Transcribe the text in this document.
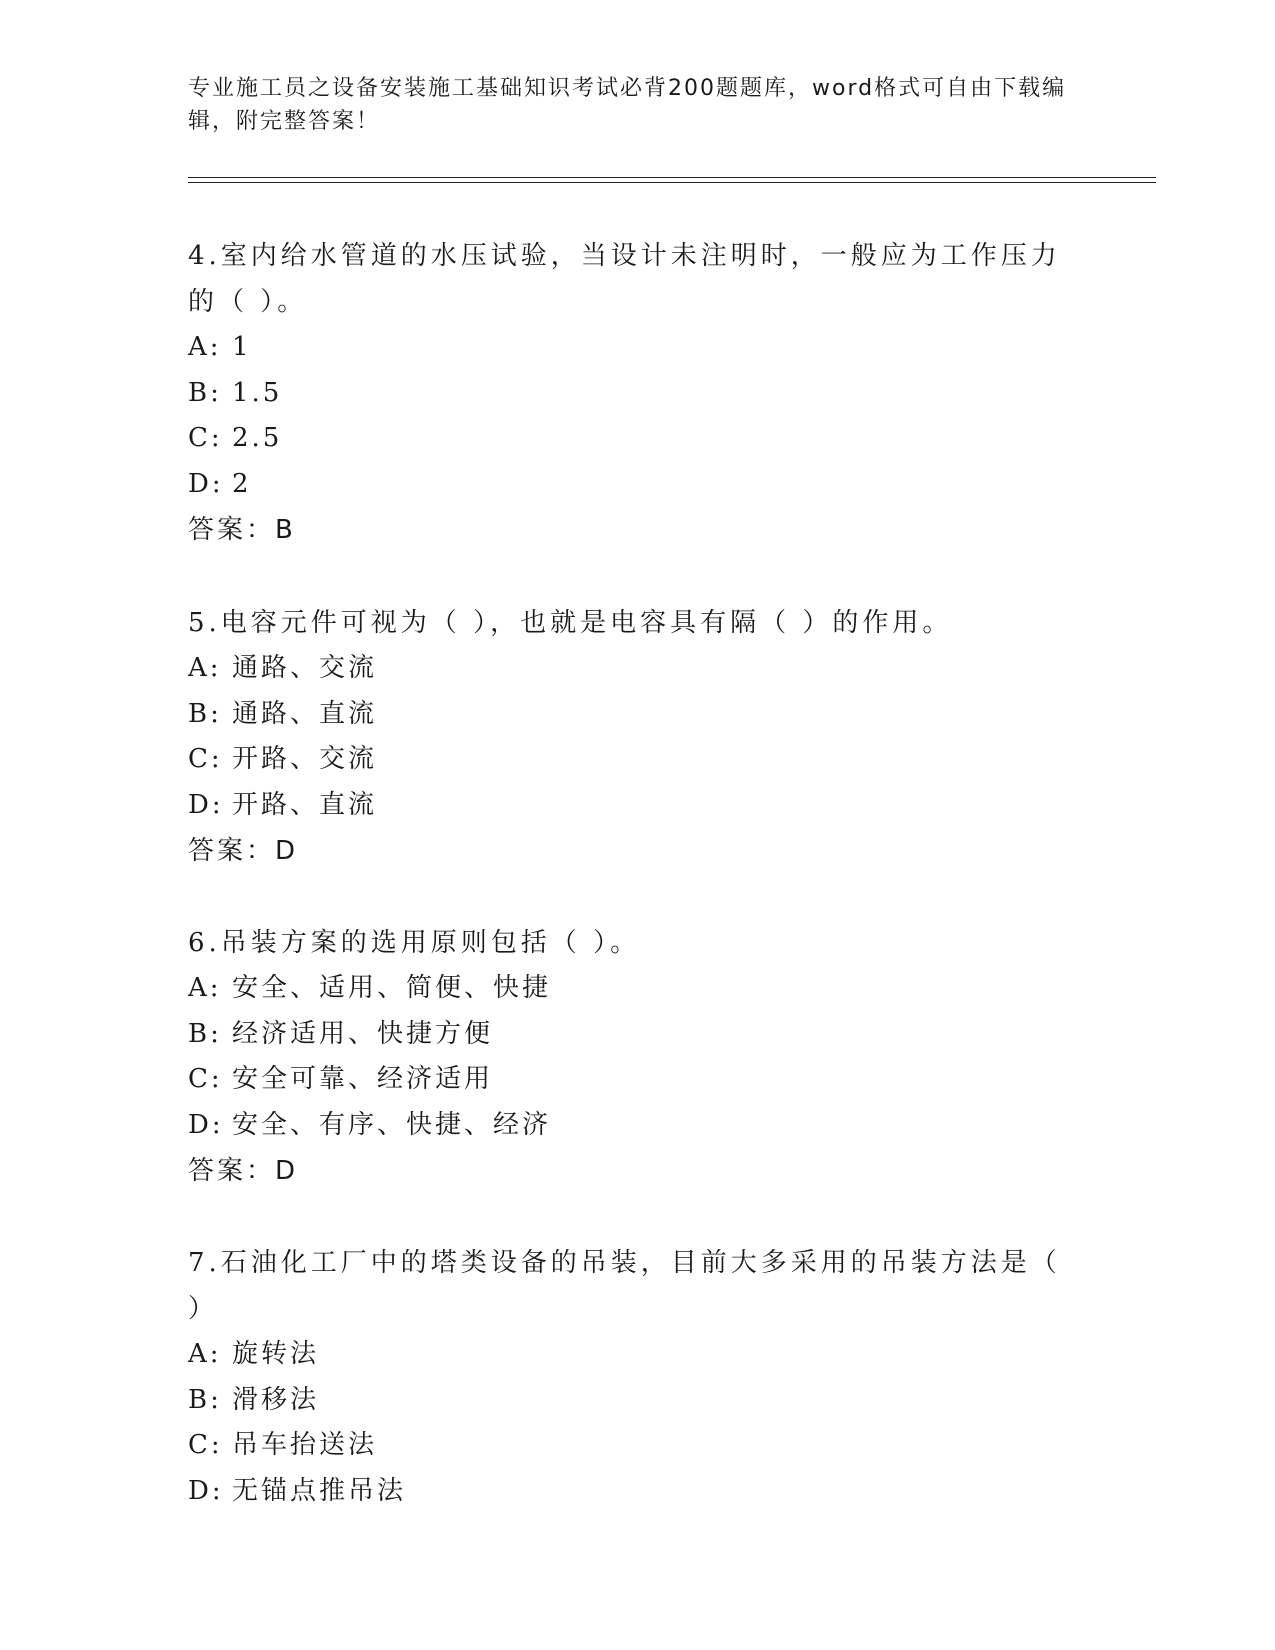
专业施工员之设备安装施工基础知识考试必背200题题库，word格式可自由下载编辑，附完整答案！

4.室内给水管道的水压试验，当设计未注明时，一般应为工作压力的（ ）。

A: 1

B: 1.5

C: 2.5

D: 2

答案：B

5.电容元件可视为（ ），也就是电容具有隔（ ）的作用。

A: 通路、交流

B: 通路、直流

C: 开路、交流

D: 开路、直流

答案：D

6.吊装方案的选用原则包括（ ）。

A: 安全、适用、简便、快捷

B: 经济适用、快捷方便

C: 安全可靠、经济适用

D: 安全、有序、快捷、经济

答案：D

7.石油化工厂中的塔类设备的吊装，目前大多采用的吊装方法是（ ）

A: 旋转法

B: 滑移法

C: 吊车抬送法

D: 无锚点推吊法
